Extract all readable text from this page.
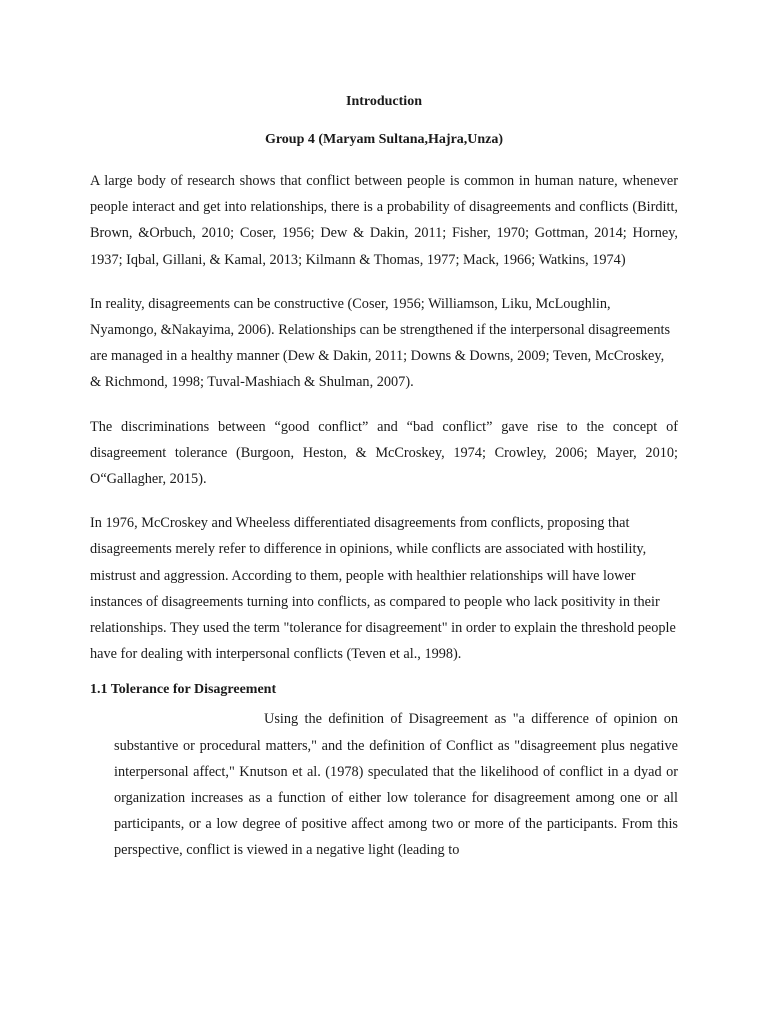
Introduction

Group 4 (Maryam Sultana,Hajra,Unza)

A large body of research shows that conflict between people is common in human nature, whenever people interact and get into relationships, there is a probability of disagreements and conflicts (Birditt, Brown, &Orbuch, 2010; Coser, 1956; Dew & Dakin, 2011; Fisher, 1970; Gottman, 2014; Horney, 1937; Iqbal, Gillani, & Kamal, 2013; Kilmann & Thomas, 1977; Mack, 1966; Watkins, 1974)

In reality, disagreements can be constructive (Coser, 1956; Williamson, Liku, McLoughlin, Nyamongo, &Nakayima, 2006). Relationships can be strengthened if the interpersonal disagreements are managed in a healthy manner (Dew & Dakin, 2011; Downs & Downs, 2009; Teven, McCroskey, & Richmond, 1998; Tuval-Mashiach & Shulman, 2007).

The discriminations between “good conflict” and “bad conflict” gave rise to the concept of disagreement tolerance (Burgoon, Heston, & McCroskey, 1974; Crowley, 2006; Mayer, 2010; O“Gallagher, 2015).

In 1976, McCroskey and Wheeless differentiated disagreements from conflicts, proposing that disagreements merely refer to difference in opinions, while conflicts are associated with hostility, mistrust and aggression. According to them, people with healthier relationships will have lower instances of disagreements turning into conflicts, as compared to people who lack positivity in their relationships. They used the term "tolerance for disagreement" in order to explain the threshold people have for dealing with interpersonal conflicts (Teven et al., 1998).

1.1 Tolerance for Disagreement

Using the definition of Disagreement as "a difference of opinion on substantive or procedural matters," and the definition of Conflict as "disagreement plus negative interpersonal affect," Knutson et al. (1978) speculated that the likelihood of conflict in a dyad or organization increases as a function of either low tolerance for disagreement among one or all participants, or a low degree of positive affect among two or more of the participants. From this perspective, conflict is viewed in a negative light (leading to
